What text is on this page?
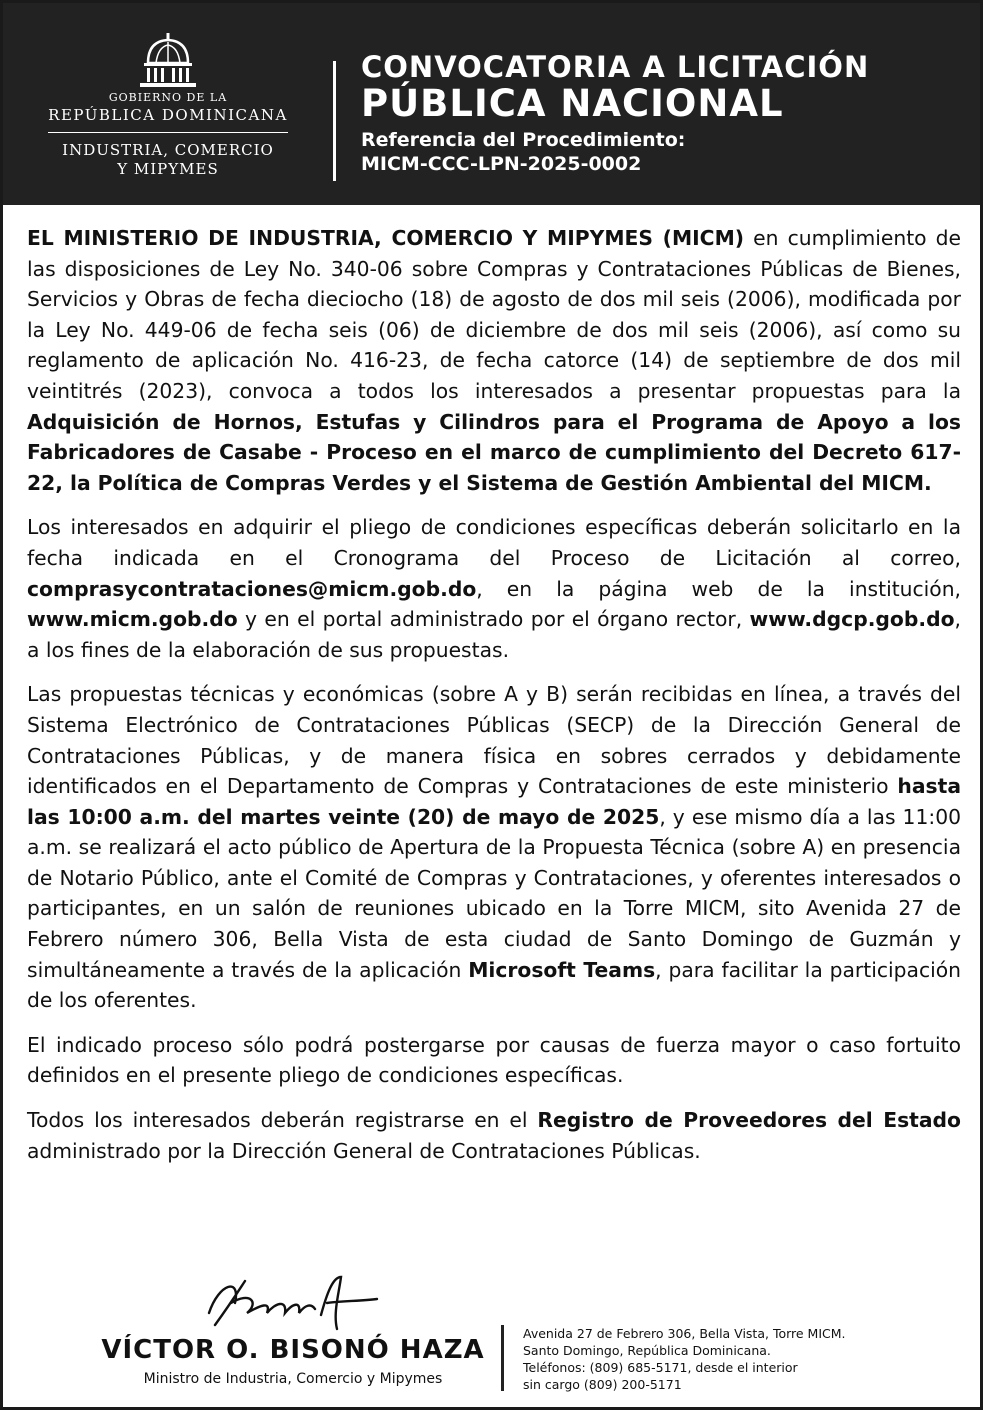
GOBIERNO DE LA
REPÚBLICA DOMINICANA
INDUSTRIA, COMERCIO
Y MIPYMES
CONVOCATORIA A LICITACIÓN
PÚBLICA NACIONAL
Referencia del Procedimiento:
MICM-CCC-LPN-2025-0002

EL MINISTERIO DE INDUSTRIA, COMERCIO Y MIPYMES (MICM) en cumplimiento de las disposiciones de Ley No. 340-06 sobre Compras y Contrataciones Públicas de Bienes, Servicios y Obras de fecha dieciocho (18) de agosto de dos mil seis (2006), modificada por la Ley No. 449-06 de fecha seis (06) de diciembre de dos mil seis (2006), así como su reglamento de aplicación No. 416-23, de fecha catorce (14) de septiembre de dos mil veintitrés (2023), convoca a todos los interesados a presentar propuestas para la Adquisición de Hornos, Estufas y Cilindros para el Programa de Apoyo a los Fabricadores de Casabe - Proceso en el marco de cumplimiento del Decreto 617-22, la Política de Compras Verdes y el Sistema de Gestión Ambiental del MICM.

Los interesados en adquirir el pliego de condiciones específicas deberán solicitarlo en la fecha indicada en el Cronograma del Proceso de Licitación al correo, comprasycontrataciones@micm.gob.do, en la página web de la institución, www.micm.gob.do y en el portal administrado por el órgano rector, www.dgcp.gob.do, a los fines de la elaboración de sus propuestas.

Las propuestas técnicas y económicas (sobre A y B) serán recibidas en línea, a través del Sistema Electrónico de Contrataciones Públicas (SECP) de la Dirección General de Contrataciones Públicas, y de manera física en sobres cerrados y debidamente identificados en el Departamento de Compras y Contrataciones de este ministerio hasta las 10:00 a.m. del martes veinte (20) de mayo de 2025, y ese mismo día a las 11:00 a.m. se realizará el acto público de Apertura de la Propuesta Técnica (sobre A) en presencia de Notario Público, ante el Comité de Compras y Contrataciones, y oferentes interesados o participantes, en un salón de reuniones ubicado en la Torre MICM, sito Avenida 27 de Febrero número 306, Bella Vista de esta ciudad de Santo Domingo de Guzmán y simultáneamente a través de la aplicación Microsoft Teams, para facilitar la participación de los oferentes.

El indicado proceso sólo podrá postergarse por causas de fuerza mayor o caso fortuito definidos en el presente pliego de condiciones específicas.

Todos los interesados deberán registrarse en el Registro de Proveedores del Estado administrado por la Dirección General de Contrataciones Públicas.

VÍCTOR O. BISONÓ HAZA
Ministro de Industria, Comercio y Mipymes
Avenida 27 de Febrero 306, Bella Vista, Torre MICM.
Santo Domingo, República Dominicana.
Teléfonos: (809) 685-5171, desde el interior
sin cargo (809) 200-5171
